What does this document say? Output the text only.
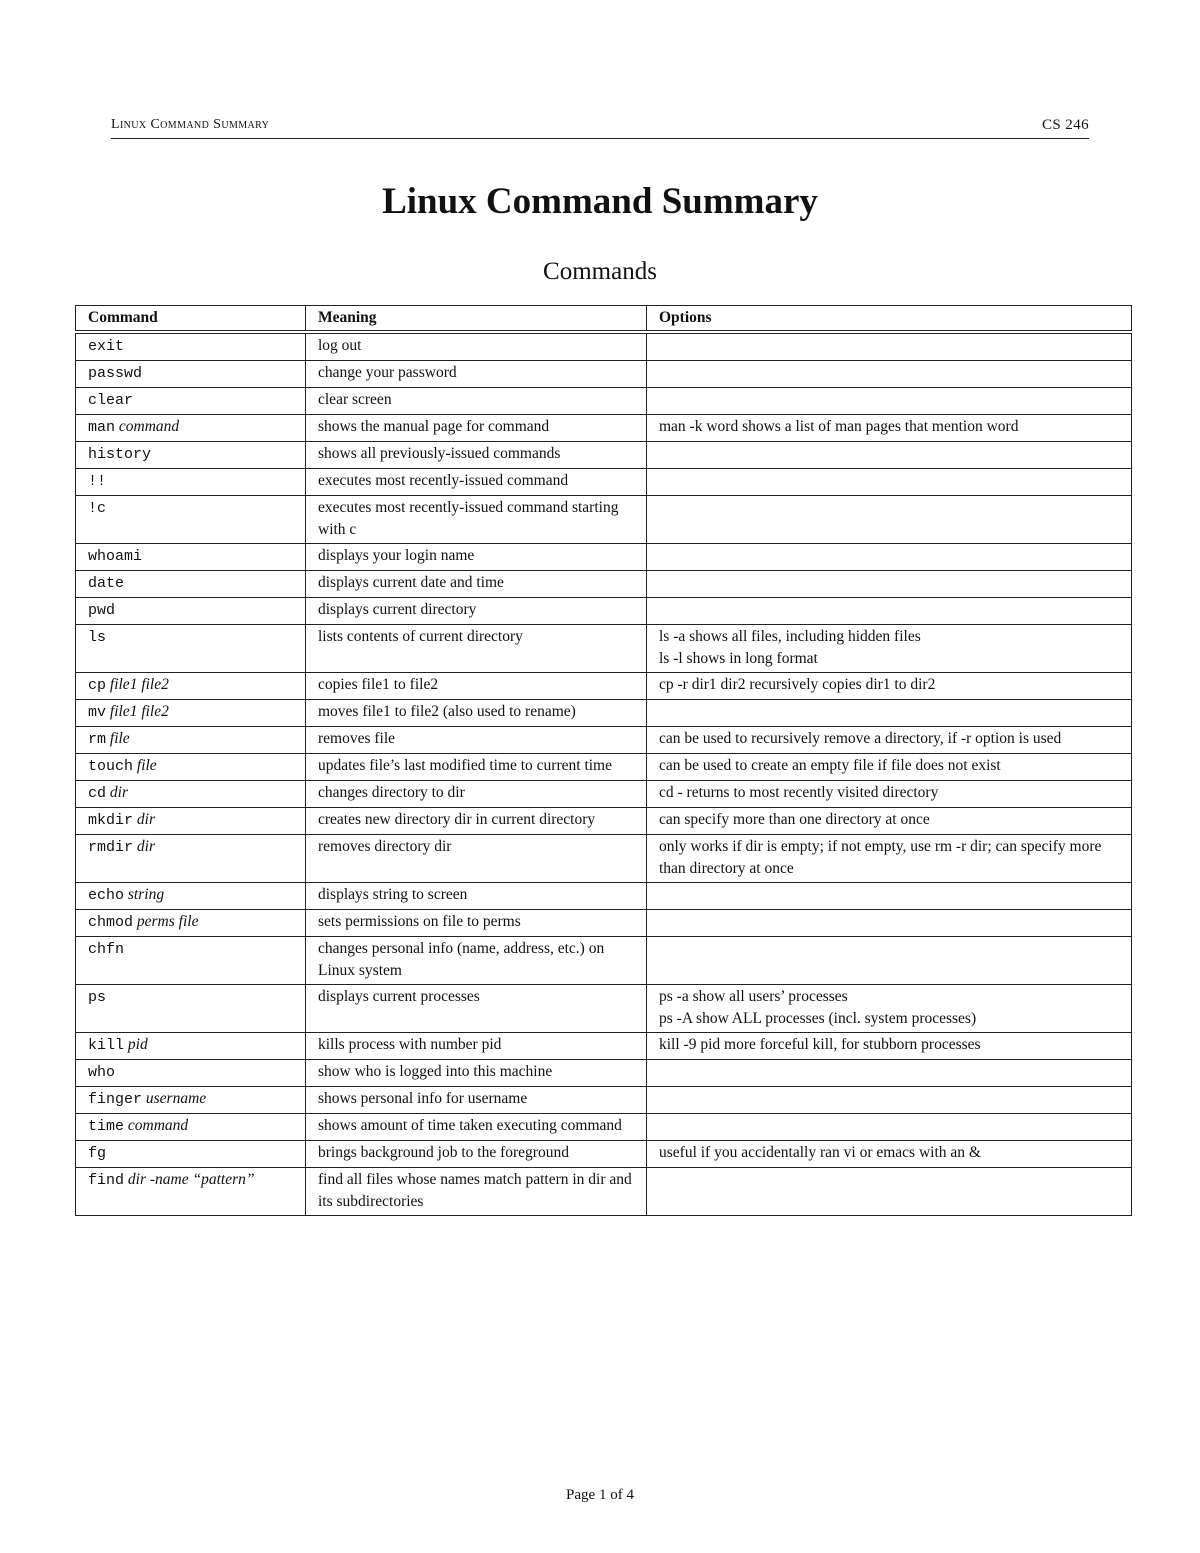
Linux Command Summary	CS 246
Linux Command Summary
Commands
Command	Meaning	Options
exit	log out	
passwd	change your password	
clear	clear screen	
man command	shows the manual page for command	man -k word shows a list of man pages that mention word
history	shows all previously-issued commands	
!!	executes most recently-issued command	
!c	executes most recently-issued command starting with c	
whoami	displays your login name	
date	displays current date and time	
pwd	displays current directory	
ls	lists contents of current directory	ls -a shows all files, including hidden files
ls -l shows in long format

cp file1 file2	copies file1 to file2	cp -r dir1 dir2 recursively copies dir1 to dir2
mv file1 file2	moves file1 to file2 (also used to rename)	
rm file	removes file	can be used to recursively remove a directory, if -r option is used
touch file	updates file’s last modified time to current time	can be used to create an empty file if file does not exist
cd dir	changes directory to dir	cd - returns to most recently visited directory
mkdir dir	creates new directory dir in current directory	can specify more than one directory at once
rmdir dir	removes directory dir	only works if dir is empty; if not empty, use rm -r dir; can specify more than directory at once
echo string	displays string to screen	
chmod perms file	sets permissions on file to perms	
chfn	changes personal info (name, address, etc.) on Linux system	
ps	displays current processes	ps -a show all users’ processes
ps -A show ALL processes (incl. system processes)

kill pid	kills process with number pid	kill -9 pid more forceful kill, for stubborn processes
who	show who is logged into this machine	
finger username	shows personal info for username	
time command	shows amount of time taken executing command	
fg	brings background job to the foreground	useful if you accidentally ran vi or emacs with an &
find dir -name “pattern”	find all files whose names match pattern in dir and its subdirectories	
Page 1 of 4
